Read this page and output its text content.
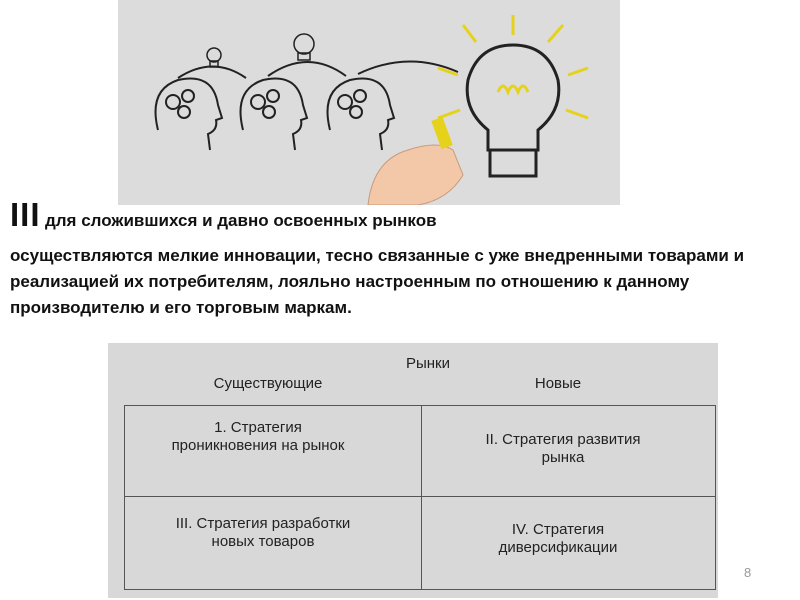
III для сложившихся и давно освоенных рынков
осуществляются мелкие инновации, тесно связанные с уже внедренными товарами и реализацией их потребителям, лояльно настроенным по отношению к данному производителю и его торговым маркам.
Рынки
Существующие	Новые
1. Стратегия проникновения на рынок	II. Стратегия развития рынка
III. Стратегия разработки новых товаров
IV. Стратегия диверсификации
8
